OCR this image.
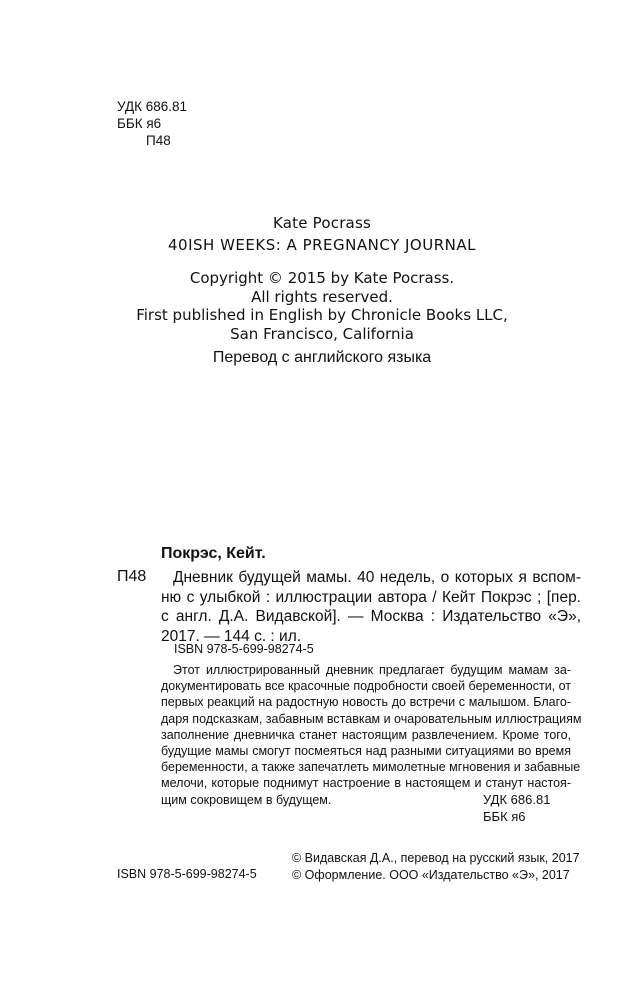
УДК 686.81
ББК я6
П48
Kate Pocrass
40ISH WEEKS: A PREGNANCY JOURNAL
Copyright © 2015 by Kate Pocrass.
All rights reserved.
First published in English by Chronicle Books LLC,
San Francisco, California
Перевод с английского языка
Покрэс, Кейт.
П48	Дневник будущей мамы. 40 недель, о которых я вспом-
ню с улыбкой : иллюстрации автора / Кейт Покрэс ; [пер.
с англ. Д.А. Видавской]. — Москва : Издательство «Э»,
2017. — 144 с. : ил.
ISBN 978-5-699-98274-5
Этот иллюстрированный дневник предлагает будущим мамам за-
документировать все красочные подробности своей беременности, от
первых реакций на радостную новость до встречи с малышом. Благо-
даря подсказкам, забавным вставкам и очаровательным иллюстрациям
заполнение дневничка станет настоящим развлечением. Кроме того,
будущие мамы смогут посмеяться над разными ситуациями во время
беременности, а также запечатлеть мимолетные мгновения и забавные
мелочи, которые поднимут настроение в настоящем и станут настоя-
щим сокровищем в будущем.	УДК 686.81
ББК я6
ISBN 978-5-699-98274-5
© Видавская Д.А., перевод на русский язык, 2017
© Оформление. ООО «Издательство «Э», 2017
